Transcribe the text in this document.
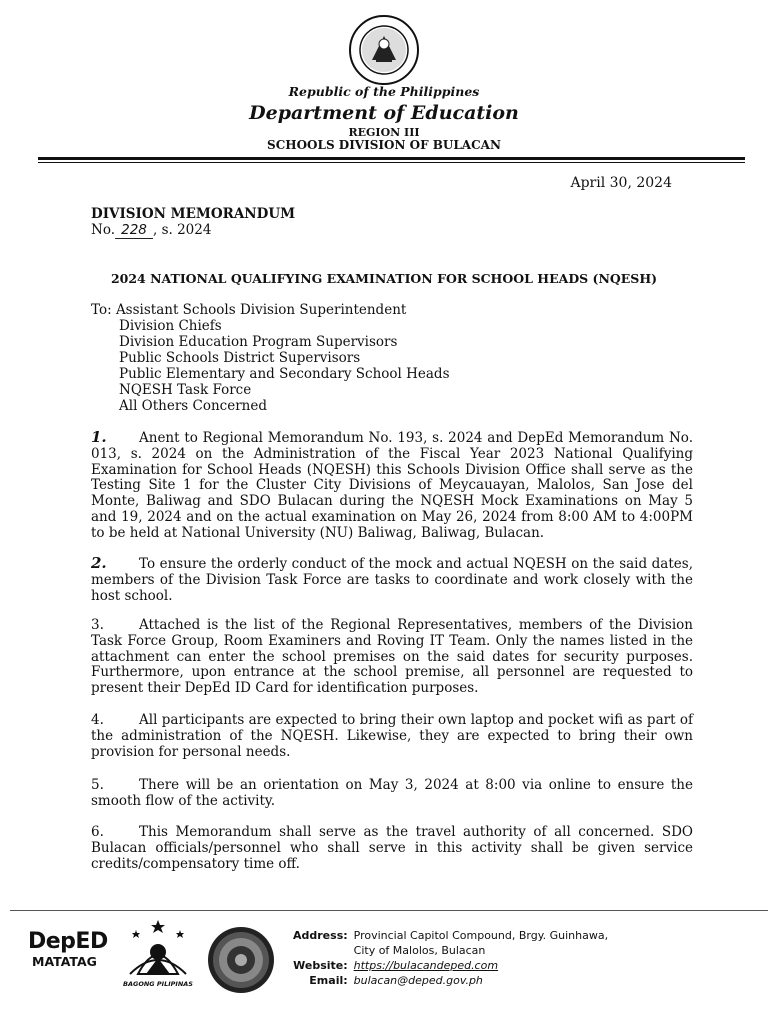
Republic of the Philippines
Department of Education
REGION III
SCHOOLS DIVISION OF BULACAN
April 30, 2024
DIVISION MEMORANDUM
No. 228 , s. 2024
2024 NATIONAL QUALIFYING EXAMINATION FOR SCHOOL HEADS (NQESH)
To: Assistant Schools Division Superintendent
Division Chiefs
Division Education Program Supervisors
Public Schools District Supervisors
Public Elementary and Secondary School Heads
NQESH Task Force
All Others Concerned
1. Anent to Regional Memorandum No. 193, s. 2024 and DepEd Memorandum No. 013, s. 2024 on the Administration of the Fiscal Year 2023 National Qualifying Examination for School Heads (NQESH) this Schools Division Office shall serve as the Testing Site 1 for the Cluster City Divisions of Meycauayan, Malolos, San Jose del Monte, Baliwag and SDO Bulacan during the NQESH Mock Examinations on May 5 and 19, 2024 and on the actual examination on May 26, 2024 from 8:00 AM to 4:00PM to be held at National University (NU) Baliwag, Baliwag, Bulacan.
2. To ensure the orderly conduct of the mock and actual NQESH on the said dates, members of the Division Task Force are tasks to coordinate and work closely with the host school.
3.	Attached is the list of the Regional Representatives, members of the Division Task Force Group, Room Examiners and Roving IT Team. Only the names listed in the attachment can enter the school premises on the said dates for security purposes. Furthermore, upon entrance at the school premise, all personnel are requested to present their DepEd ID Card for identification purposes.
4.	All participants are expected to bring their own laptop and pocket wifi as part of the administration of the NQESH. Likewise, they are expected to bring their own provision for personal needs.
5.	There will be an orientation on May 3, 2024 at 8:00 via online to ensure the smooth flow of the activity.
6.	This Memorandum shall serve as the travel authority of all concerned. SDO Bulacan officials/personnel who shall serve in this activity shall be given service credits/compensatory time off.
DepED
MATATAG
BAGONG PILIPINAS
Address:	Provincial Capitol Compound, Brgy. Guinhawa,
	City of Malolos, Bulacan
Website:	https://bulacandeped.com
Email:	bulacan@deped.gov.ph
